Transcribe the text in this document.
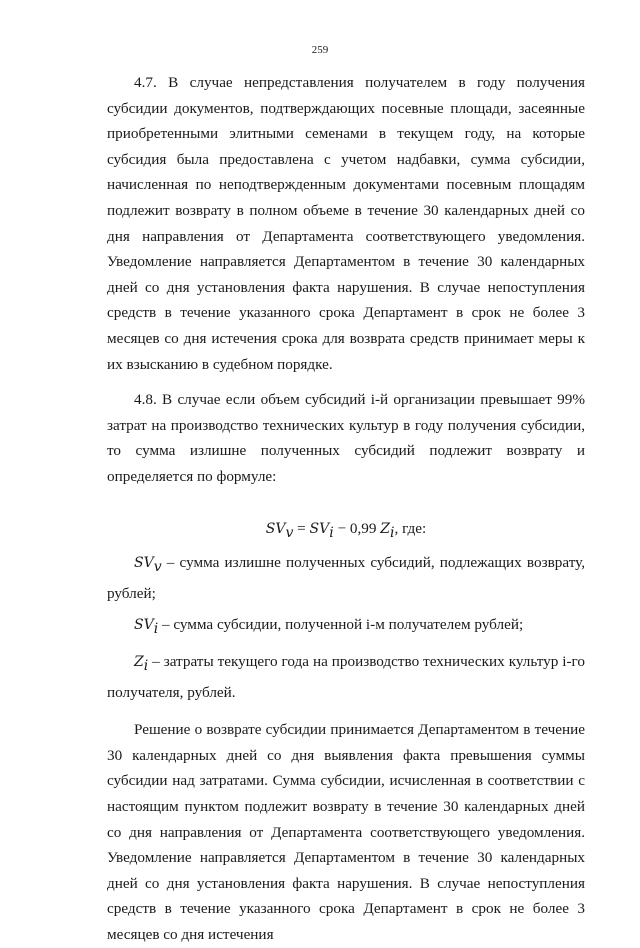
259

4.7. В случае непредставления получателем в году получения субсидии документов, подтверждающих посевные площади, засеянные приобретенными элитными семенами в текущем году, на которые субсидия была предоставлена с учетом надбавки, сумма субсидии, начисленная по неподтвержденным документами посевным площадям подлежит возврату в полном объеме в течение 30 календарных дней со дня направления от Департамента соответствующего уведомления. Уведомление направляется Департаментом в течение 30 календарных дней со дня установления факта нарушения. В случае непоступления средств в течение указанного срока Департамент в срок не более 3 месяцев со дня истечения срока для возврата средств принимает меры к их взысканию в судебном порядке.

4.8. В случае если объем субсидий i-й организации превышает 99% затрат на производство технических культур в году получения субсидии, то сумма излишне полученных субсидий подлежит возврату и определяется по формуле:

$SV_v = SV_i - 0,99$ $Z_i$, где:

$SV_v$ – сумма излишне полученных субсидий, подлежащих возврату, рублей;

$SV_i$ – сумма субсидии, полученной i-м получателем рублей;

$Z_i$ – затраты текущего года на производство технических культур i-го получателя, рублей.

Решение о возврате субсидии принимается Департаментом в течение 30 календарных дней со дня выявления факта превышения суммы субсидии над затратами. Сумма субсидии, исчисленная в соответствии с настоящим пунктом подлежит возврату в течение 30 календарных дней со дня направления от Департамента соответствующего уведомления. Уведомление направляется Департаментом в течение 30 календарных дней со дня установления факта нарушения. В случае непоступления средств в течение указанного срока Департамент в срок не более 3 месяцев со дня истечения
